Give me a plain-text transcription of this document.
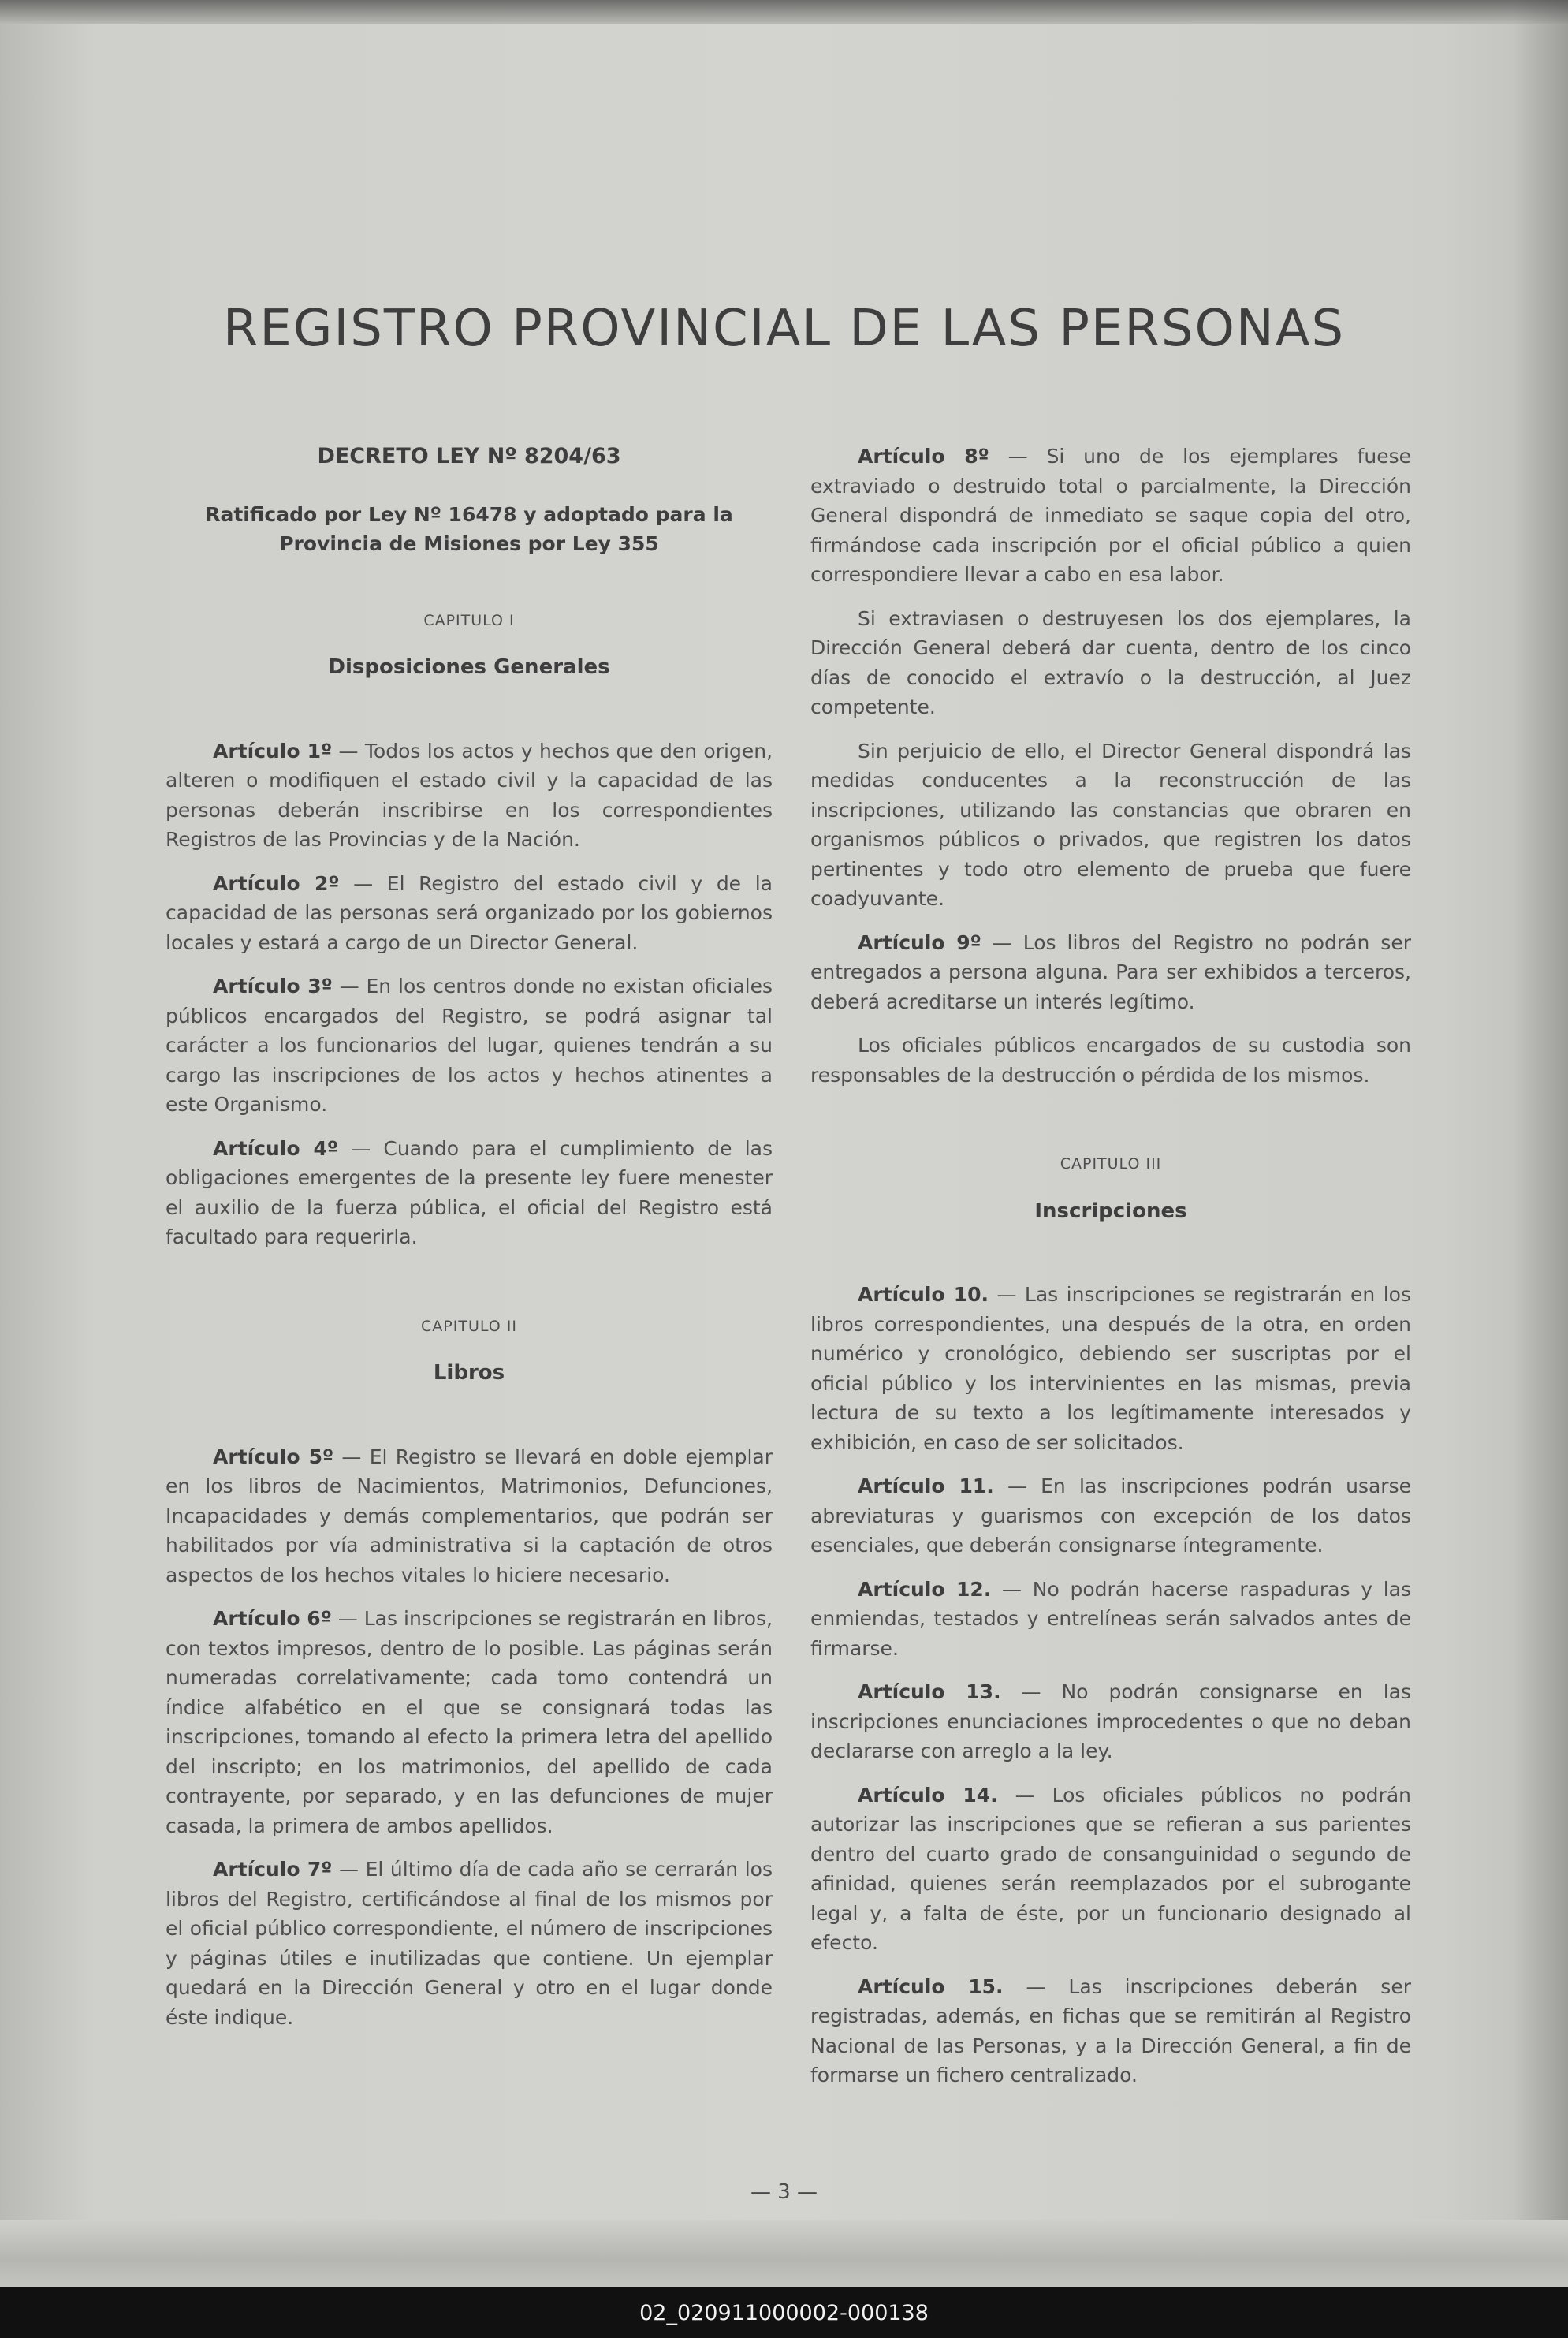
REGISTRO PROVINCIAL DE LAS PERSONAS
DECRETO LEY Nº 8204/63
Ratificado por Ley Nº 16478 y adoptado para la Provincia de Misiones por Ley 355
CAPITULO I
Disposiciones Generales

Artículo 1º — Todos los actos y hechos que den origen, alteren o modifiquen el estado civil y la capacidad de las personas deberán inscribirse en los correspondientes Registros de las Provincias y de la Nación.

Artículo 2º — El Registro del estado civil y de la capacidad de las personas será organizado por los gobiernos locales y estará a cargo de un Director General.

Artículo 3º — En los centros donde no existan oficiales públicos encargados del Registro, se podrá asignar tal carácter a los funcionarios del lugar, quienes tendrán a su cargo las inscripciones de los actos y hechos atinentes a este Organismo.

Artículo 4º — Cuando para el cumplimiento de las obligaciones emergentes de la presente ley fuere menester el auxilio de la fuerza pública, el oficial del Registro está facultado para requerirla.

CAPITULO II
Libros

Artículo 5º — El Registro se llevará en doble ejemplar en los libros de Nacimientos, Matrimonios, Defunciones, Incapacidades y demás complementarios, que podrán ser habilitados por vía administrativa si la captación de otros aspectos de los hechos vitales lo hiciere necesario.

Artículo 6º — Las inscripciones se registrarán en libros, con textos impresos, dentro de lo posible. Las páginas serán numeradas correlativamente; cada tomo contendrá un índice alfabético en el que se consignará todas las inscripciones, tomando al efecto la primera letra del apellido del inscripto; en los matrimonios, del apellido de cada contrayente, por separado, y en las defunciones de mujer casada, la primera de ambos apellidos.

Artículo 7º — El último día de cada año se cerrarán los libros del Registro, certificándose al final de los mismos por el oficial público correspondiente, el número de inscripciones y páginas útiles e inutilizadas que contiene. Un ejemplar quedará en la Dirección General y otro en el lugar donde éste indique.

Artículo 8º — Si uno de los ejemplares fuese extraviado o destruido total o parcialmente, la Dirección General dispondrá de inmediato se saque copia del otro, firmándose cada inscripción por el oficial público a quien correspondiere llevar a cabo en esa labor.

Si extraviasen o destruyesen los dos ejemplares, la Dirección General deberá dar cuenta, dentro de los cinco días de conocido el extravío o la destrucción, al Juez competente.

Sin perjuicio de ello, el Director General dispondrá las medidas conducentes a la reconstrucción de las inscripciones, utilizando las constancias que obraren en organismos públicos o privados, que registren los datos pertinentes y todo otro elemento de prueba que fuere coadyuvante.

Artículo 9º — Los libros del Registro no podrán ser entregados a persona alguna. Para ser exhibidos a terceros, deberá acreditarse un interés legítimo.

Los oficiales públicos encargados de su custodia son responsables de la destrucción o pérdida de los mismos.

CAPITULO III
Inscripciones

Artículo 10. — Las inscripciones se registrarán en los libros correspondientes, una después de la otra, en orden numérico y cronológico, debiendo ser suscriptas por el oficial público y los intervinientes en las mismas, previa lectura de su texto a los legítimamente interesados y exhibición, en caso de ser solicitados.

Artículo 11. — En las inscripciones podrán usarse abreviaturas y guarismos con excepción de los datos esenciales, que deberán consignarse íntegramente.

Artículo 12. — No podrán hacerse raspaduras y las enmiendas, testados y entrelíneas serán salvados antes de firmarse.

Artículo 13. — No podrán consignarse en las inscripciones enunciaciones improcedentes o que no deban declararse con arreglo a la ley.

Artículo 14. — Los oficiales públicos no podrán autorizar las inscripciones que se refieran a sus parientes dentro del cuarto grado de consanguinidad o segundo de afinidad, quienes serán reemplazados por el subrogante legal y, a falta de éste, por un funcionario designado al efecto.

Artículo 15. — Las inscripciones deberán ser registradas, además, en fichas que se remitirán al Registro Nacional de las Personas, y a la Dirección General, a fin de formarse un fichero centralizado.

— 3 —
02_020911000002-000138
